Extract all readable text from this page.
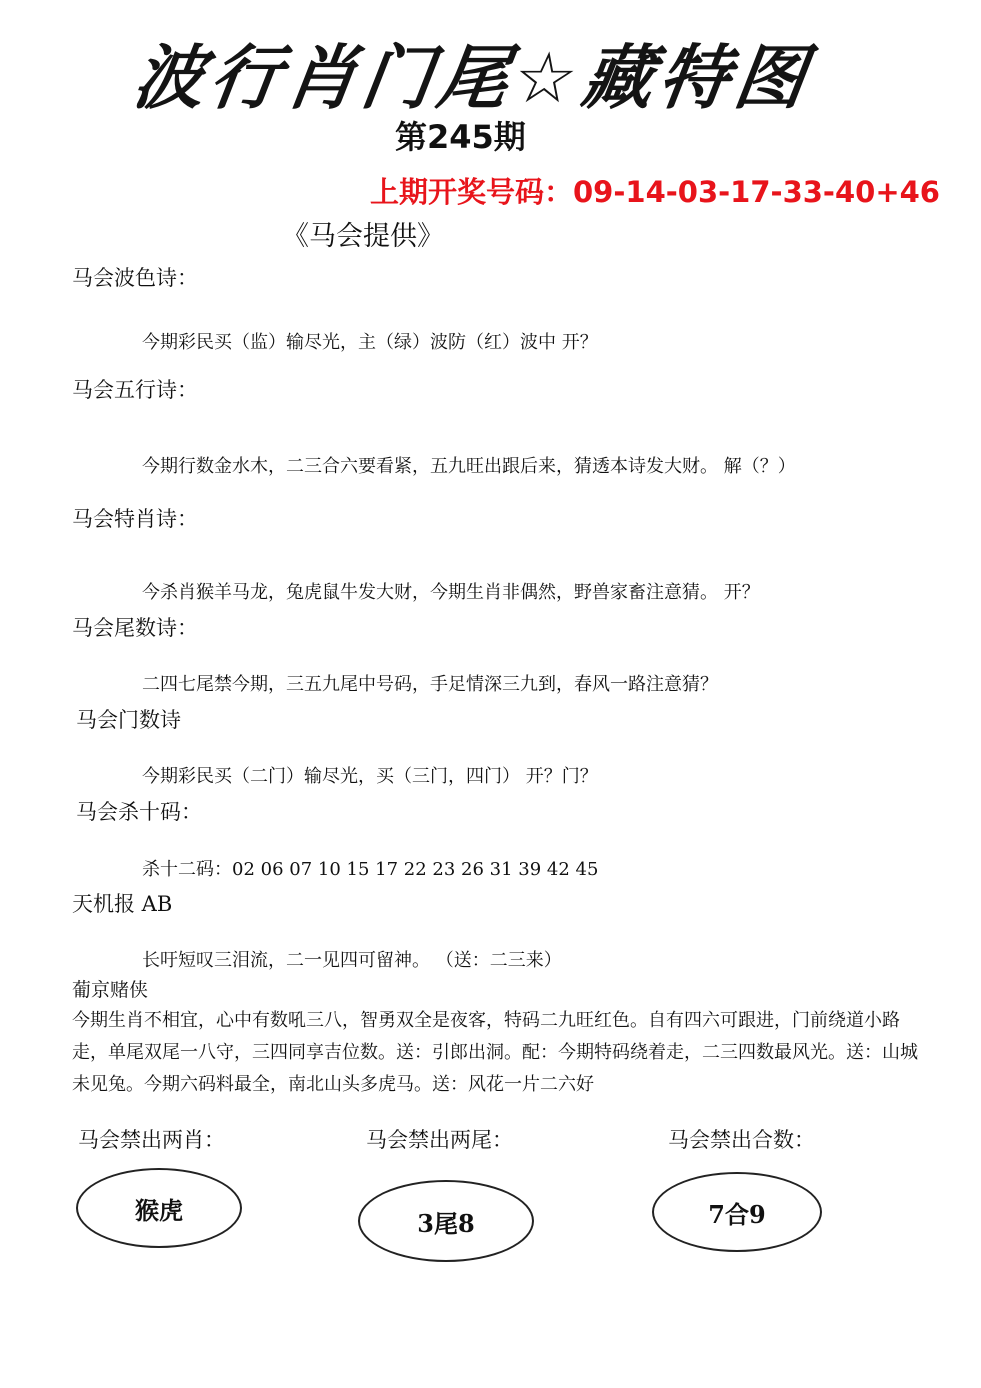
波行肖门尾☆藏特图
第245期
上期开奖号码：09-14-03-17-33-40+46
《马会提供》
马会波色诗：
今期彩民买（监）输尽光，主（绿）波防（红）波中 开？
马会五行诗：
今期行数金水木，二三合六要看紧，五九旺出跟后来，猜透本诗发大财。 解（？）
马会特肖诗：
今杀肖猴羊马龙，兔虎鼠牛发大财，今期生肖非偶然，野兽家畜注意猜。 开？
马会尾数诗：
二四七尾禁今期，三五九尾中号码，手足情深三九到，春风一路注意猜？
马会门数诗
今期彩民买（二门）输尽光，买（三门，四门） 开？门？
马会杀十码：
杀十二码：02 06 07 10 15 17 22 23 26 31 39 42 45
天机报 AB
长吁短叹三泪流，二一见四可留神。 （送：二三来）
葡京赌侠
今期生肖不相宜，心中有数吼三八，智勇双全是夜客，特码二九旺红色。自有四六可跟进，门前绕道小路走，单尾双尾一八守，三四同享吉位数。送：引郎出洞。配：今期特码绕着走，二三四数最风光。送：山城未见兔。今期六码料最全，南北山头多虎马。送：风花一片二六好
马会禁出两肖：	马会禁出两尾：	马会禁出合数：
猴虎	3尾8	7合9
